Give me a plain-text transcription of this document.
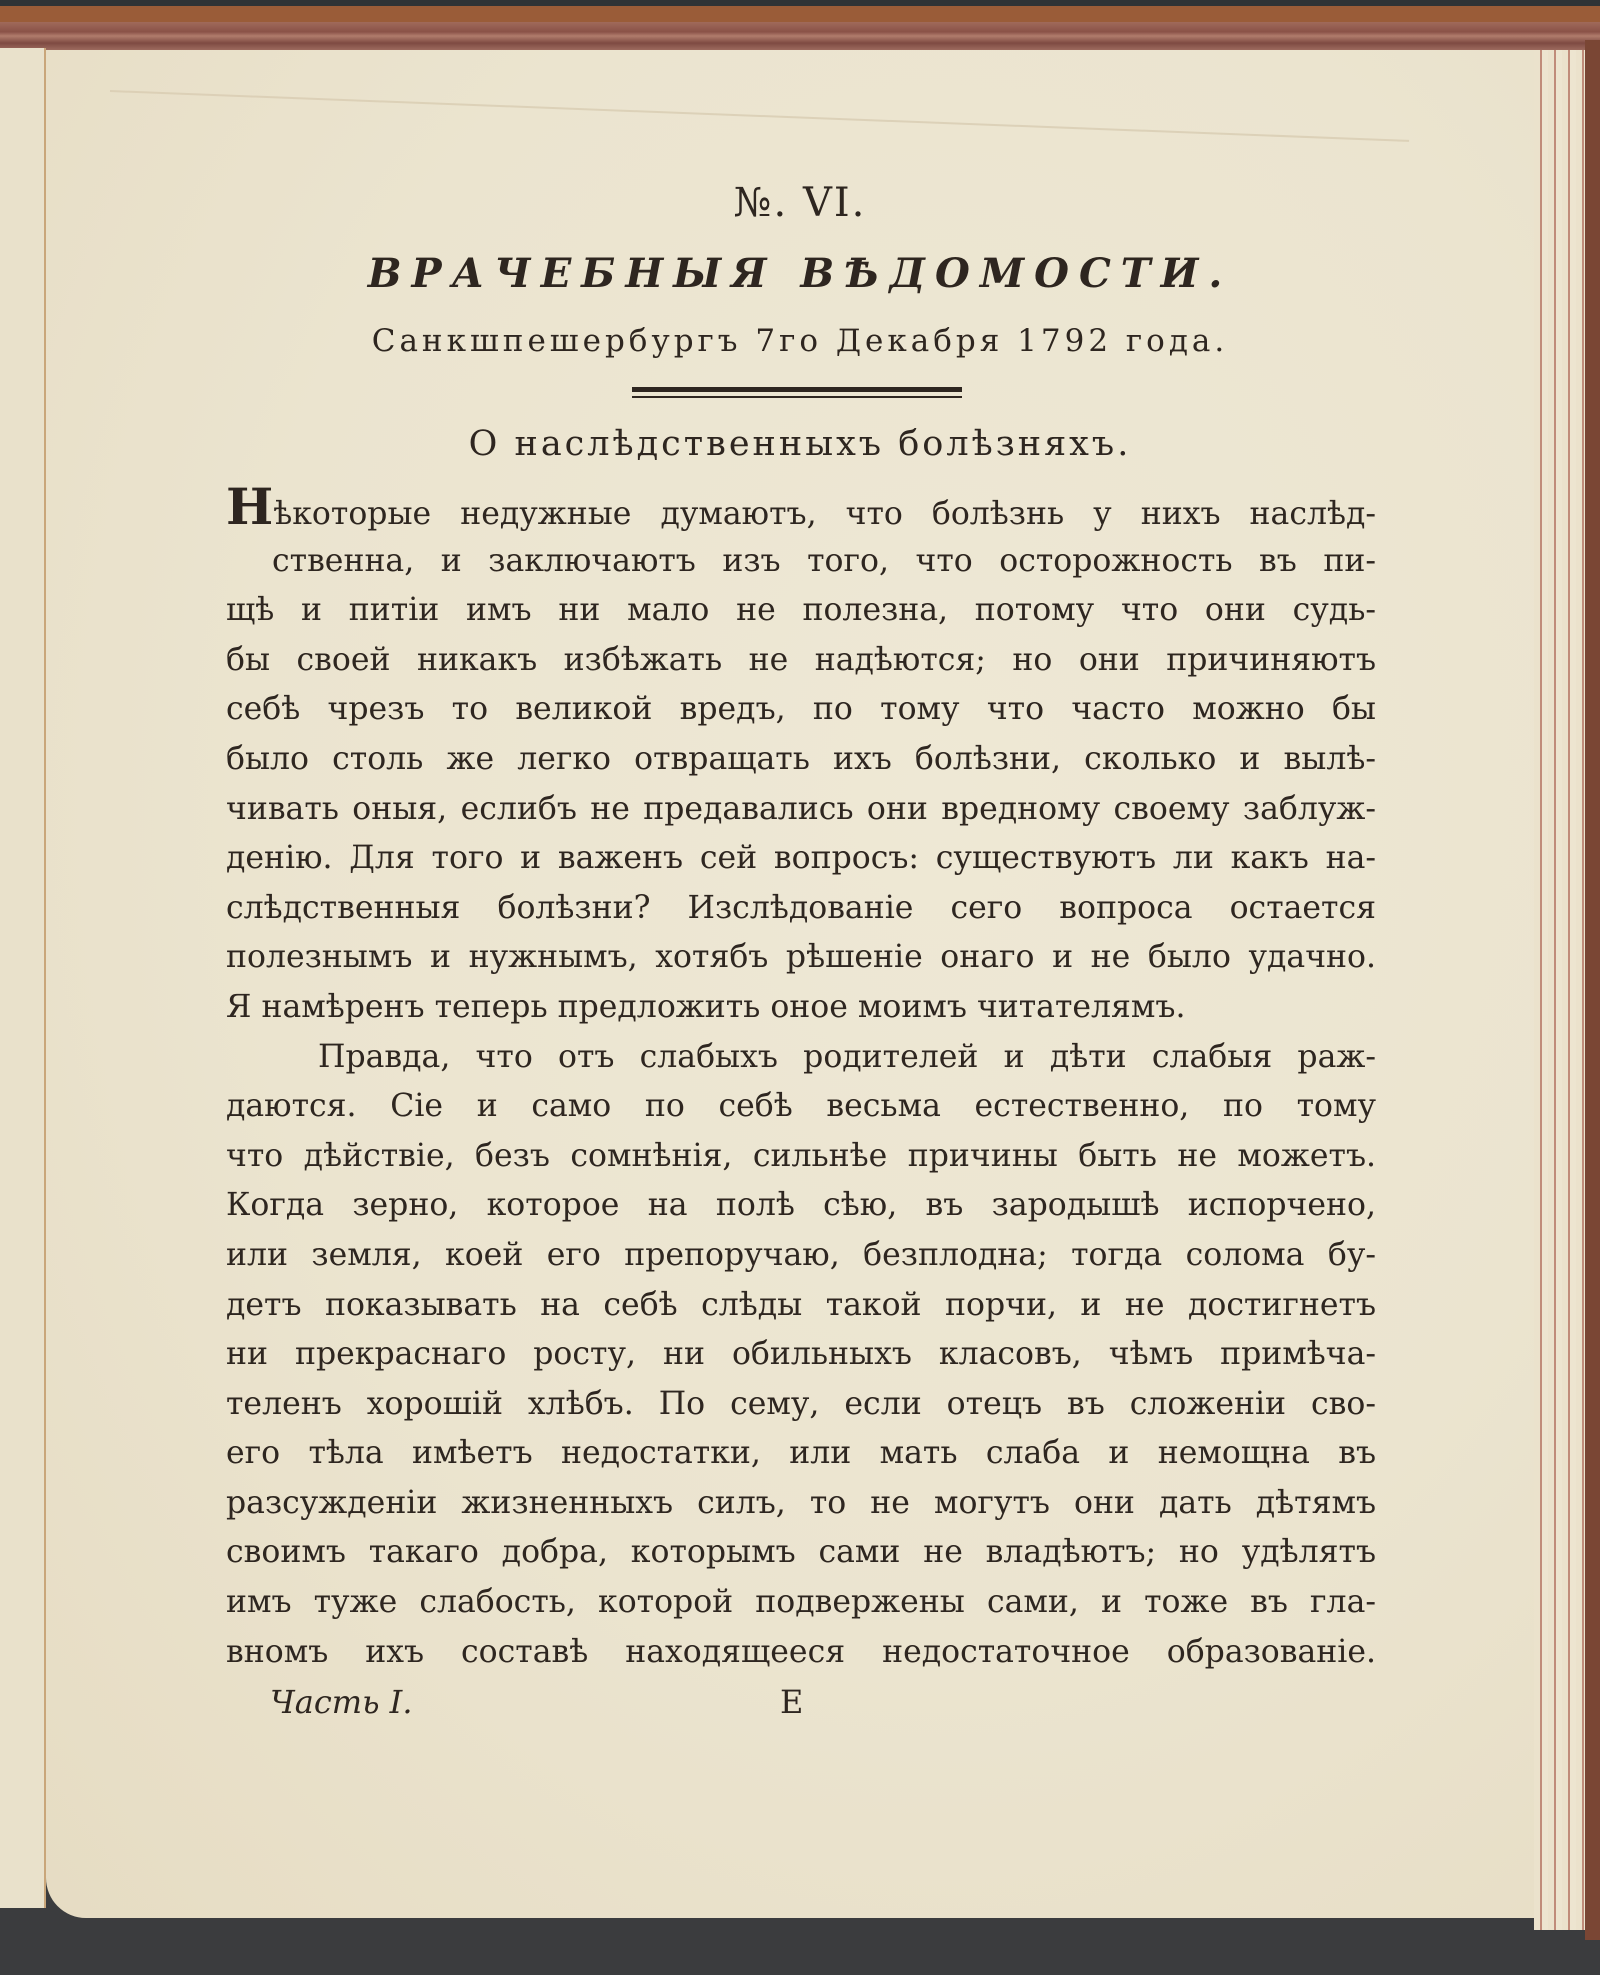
№. VI.
ВРАЧЕБНЫЯ ВѢДОМОСТИ.
Санкшпешербургъ 7го Декабря 1792 года.
О наслѣдственныхъ болѣзняхъ.
Нѣкоторые недужные думаютъ, что болѣзнь у нихъ наслѣд-
ственна, и заключаютъ изъ того, что осторожность въ пи-
щѣ и питіи имъ ни мало не полезна, потому что они судь-
бы своей никакъ избѣжать не надѣются; но они причиняютъ
себѣ чрезъ то великой вредъ, по тому что часто можно бы
было столь же легко отвращать ихъ болѣзни, сколько и вылѣ-
чивать оныя, еслибъ не предавались они вредному своему заблуж-
денію. Для того и важенъ сей вопросъ: существуютъ ли какъ на-
слѣдственныя болѣзни? Изслѣдованіе сего вопроса остается
полезнымъ и нужнымъ, хотябъ рѣшеніе онаго и не было удачно.
Я намѣренъ теперь предложить оное моимъ читателямъ.
Правда, что отъ слабыхъ родителей и дѣти слабыя раж-
даются. Сіе и само по себѣ весьма естественно, по тому
что дѣйствіе, безъ сомнѣнія, сильнѣе причины быть не можетъ.
Когда зерно, которое на полѣ сѣю, въ зародышѣ испорчено,
или земля, коей его препоручаю, безплодна; тогда солома бу-
детъ показывать на себѣ слѣды такой порчи, и не достигнетъ
ни прекраснаго росту, ни обильныхъ класовъ, чѣмъ примѣча-
теленъ хорошій хлѣбъ. По сему, если отецъ въ сложеніи сво-
его тѣла имѣетъ недостатки, или мать слаба и немощна въ
разсужденіи жизненныхъ силъ, то не могутъ они дать дѣтямъ
своимъ такаго добра, которымъ сами не владѣютъ; но удѣлятъ
имъ туже слабость, которой подвержены сами, и тоже въ гла-
вномъ ихъ составѣ находящееся недостаточное образованіе.
Часть I.	E
